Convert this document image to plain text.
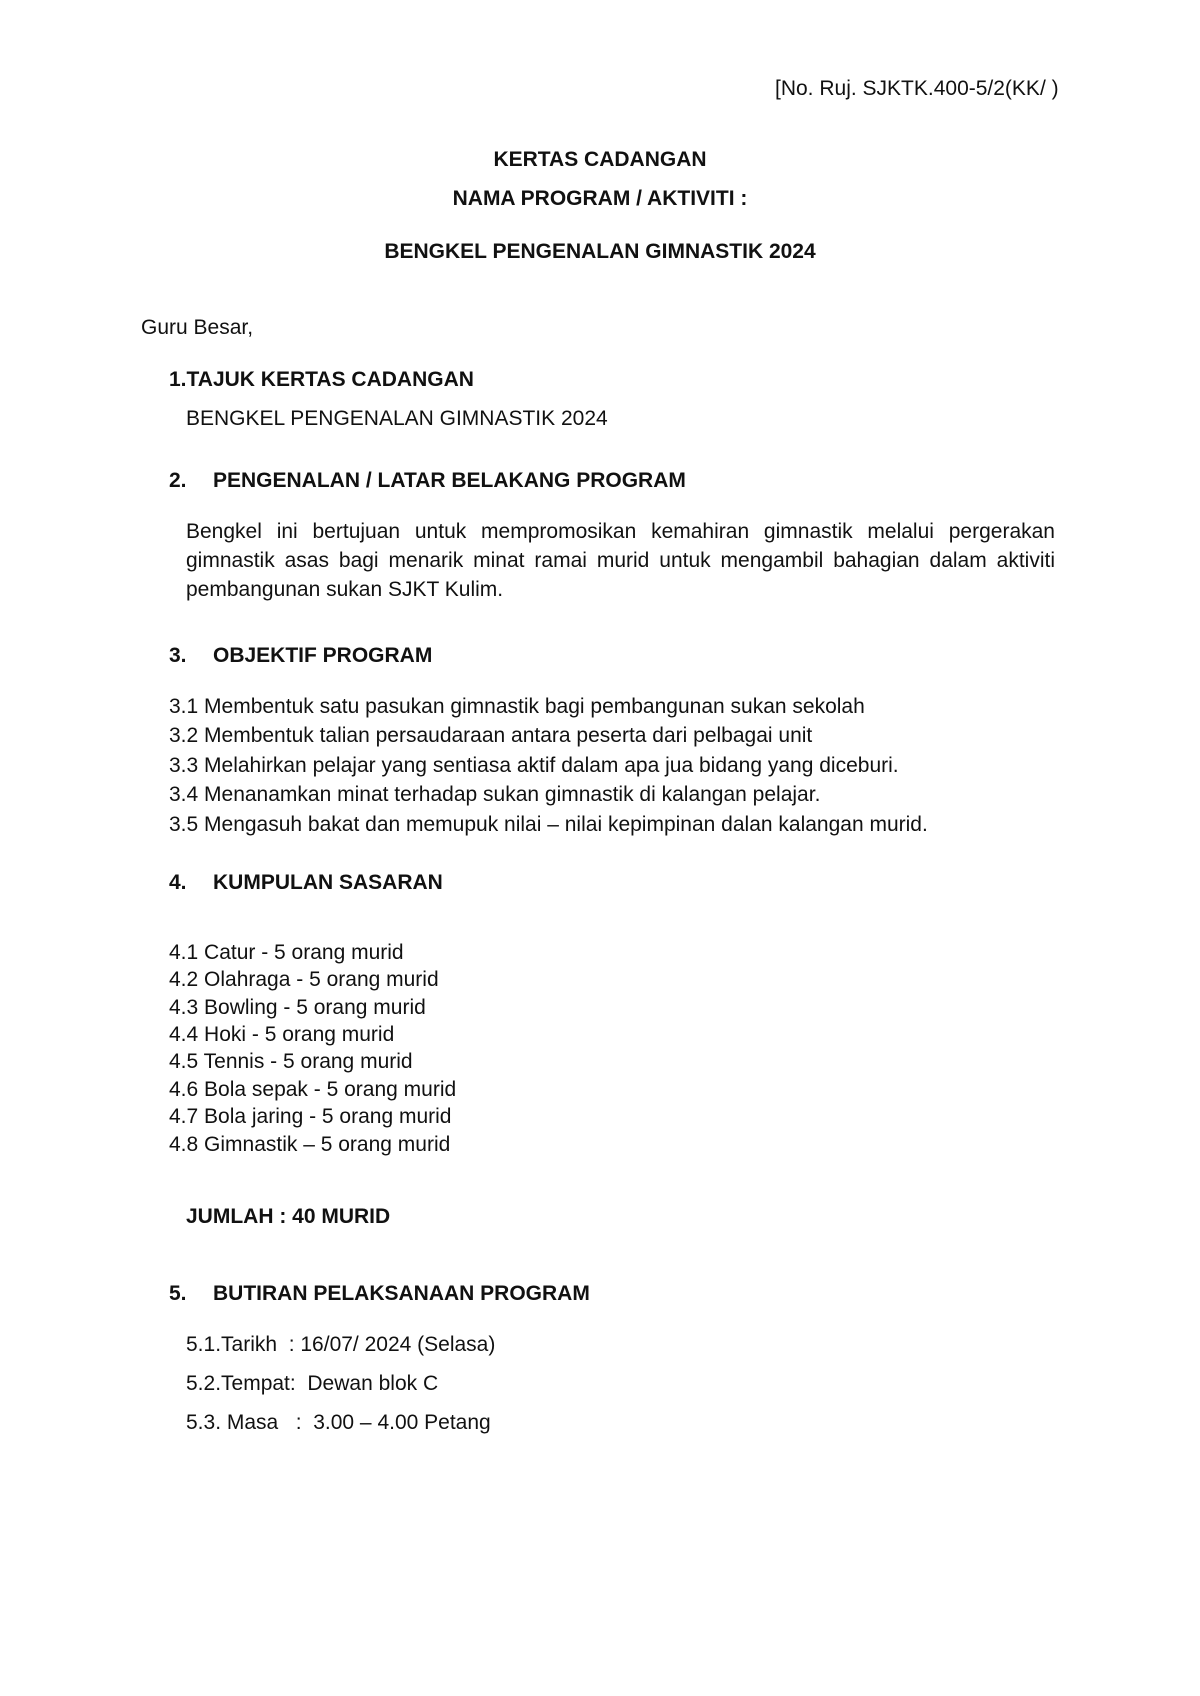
[No. Ruj. SJKTK.400-5/2(KK/ )
KERTAS CADANGAN
NAMA PROGRAM / AKTIVITI :
BENGKEL PENGENALAN GIMNASTIK 2024
Guru Besar,
1.TAJUK KERTAS CADANGAN
BENGKEL PENGENALAN GIMNASTIK 2024
2. PENGENALAN / LATAR BELAKANG PROGRAM
Bengkel ini bertujuan untuk mempromosikan kemahiran gimnastik melalui pergerakan gimnastik asas bagi menarik minat ramai murid untuk mengambil bahagian dalam aktiviti pembangunan sukan SJKT Kulim.
3. OBJEKTIF PROGRAM
3.1 Membentuk satu pasukan gimnastik bagi pembangunan sukan sekolah
3.2 Membentuk talian persaudaraan antara peserta dari pelbagai unit
3.3 Melahirkan pelajar yang sentiasa aktif dalam apa jua bidang yang diceburi.
3.4 Menanamkan minat terhadap sukan gimnastik di kalangan pelajar.
3.5 Mengasuh bakat dan memupuk nilai – nilai kepimpinan dalan kalangan murid.
4. KUMPULAN SASARAN
4.1 Catur - 5 orang murid
4.2 Olahraga - 5 orang murid
4.3 Bowling - 5 orang murid
4.4 Hoki - 5 orang murid
4.5 Tennis - 5 orang murid
4.6 Bola sepak - 5 orang murid
4.7 Bola jaring - 5 orang murid
4.8 Gimnastik – 5 orang murid
JUMLAH : 40 MURID
5. BUTIRAN PELAKSANAAN PROGRAM
5.1.Tarikh  : 16/07/ 2024 (Selasa)
5.2.Tempat:  Dewan blok C
5.3. Masa   :  3.00 – 4.00 Petang
